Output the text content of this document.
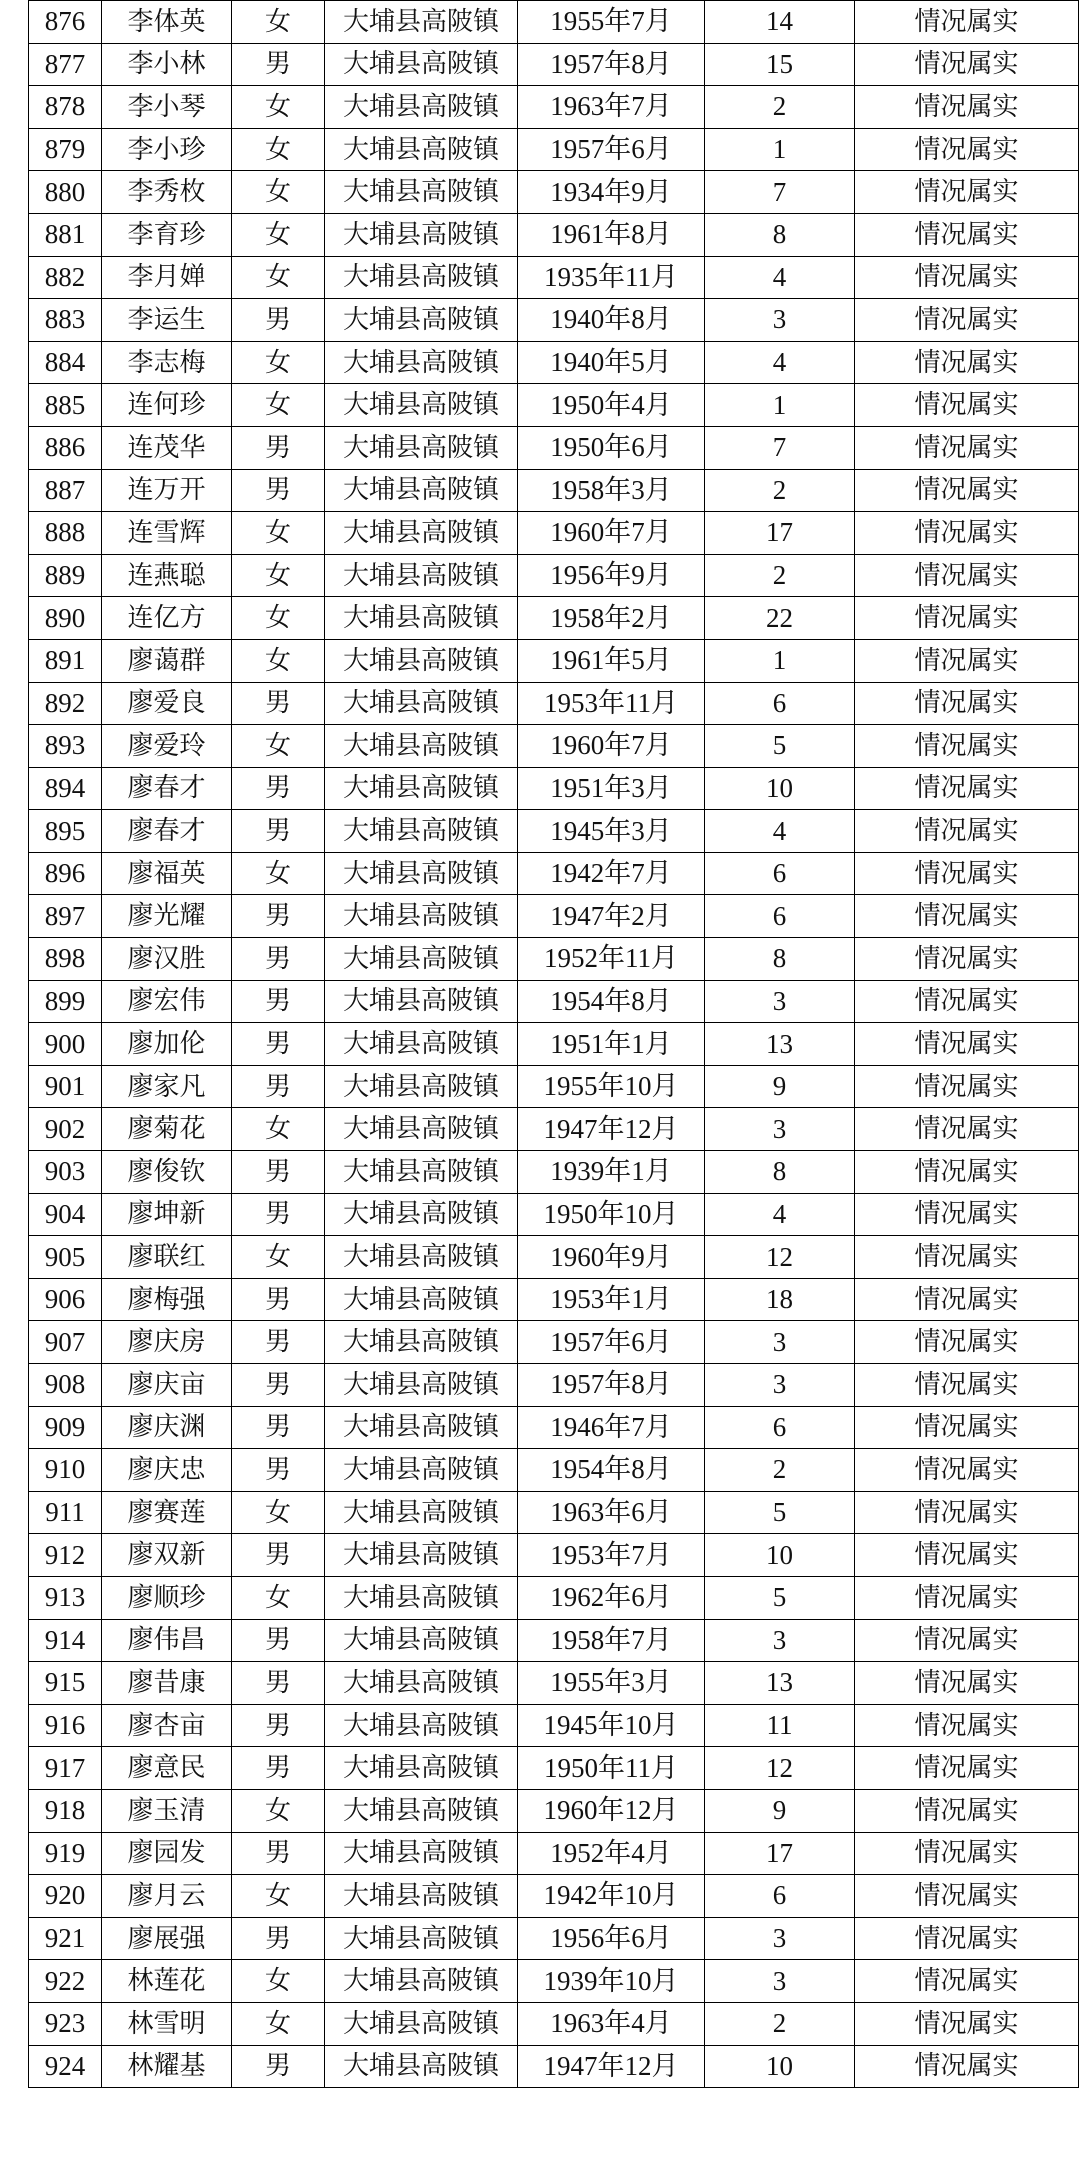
876	李体英	女	大埔县高陂镇	1955年7月	14	情况属实
877	李小林	男	大埔县高陂镇	1957年8月	15	情况属实
878	李小琴	女	大埔县高陂镇	1963年7月	2	情况属实
879	李小珍	女	大埔县高陂镇	1957年6月	1	情况属实
880	李秀枚	女	大埔县高陂镇	1934年9月	7	情况属实
881	李育珍	女	大埔县高陂镇	1961年8月	8	情况属实
882	李月婵	女	大埔县高陂镇	1935年11月	4	情况属实
883	李运生	男	大埔县高陂镇	1940年8月	3	情况属实
884	李志梅	女	大埔县高陂镇	1940年5月	4	情况属实
885	连何珍	女	大埔县高陂镇	1950年4月	1	情况属实
886	连茂华	男	大埔县高陂镇	1950年6月	7	情况属实
887	连万开	男	大埔县高陂镇	1958年3月	2	情况属实
888	连雪辉	女	大埔县高陂镇	1960年7月	17	情况属实
889	连燕聪	女	大埔县高陂镇	1956年9月	2	情况属实
890	连亿方	女	大埔县高陂镇	1958年2月	22	情况属实
891	廖蔼群	女	大埔县高陂镇	1961年5月	1	情况属实
892	廖爱良	男	大埔县高陂镇	1953年11月	6	情况属实
893	廖爱玲	女	大埔县高陂镇	1960年7月	5	情况属实
894	廖春才	男	大埔县高陂镇	1951年3月	10	情况属实
895	廖春才	男	大埔县高陂镇	1945年3月	4	情况属实
896	廖福英	女	大埔县高陂镇	1942年7月	6	情况属实
897	廖光耀	男	大埔县高陂镇	1947年2月	6	情况属实
898	廖汉胜	男	大埔县高陂镇	1952年11月	8	情况属实
899	廖宏伟	男	大埔县高陂镇	1954年8月	3	情况属实
900	廖加伦	男	大埔县高陂镇	1951年1月	13	情况属实
901	廖家凡	男	大埔县高陂镇	1955年10月	9	情况属实
902	廖菊花	女	大埔县高陂镇	1947年12月	3	情况属实
903	廖俊钦	男	大埔县高陂镇	1939年1月	8	情况属实
904	廖坤新	男	大埔县高陂镇	1950年10月	4	情况属实
905	廖联红	女	大埔县高陂镇	1960年9月	12	情况属实
906	廖梅强	男	大埔县高陂镇	1953年1月	18	情况属实
907	廖庆房	男	大埔县高陂镇	1957年6月	3	情况属实
908	廖庆亩	男	大埔县高陂镇	1957年8月	3	情况属实
909	廖庆渊	男	大埔县高陂镇	1946年7月	6	情况属实
910	廖庆忠	男	大埔县高陂镇	1954年8月	2	情况属实
911	廖赛莲	女	大埔县高陂镇	1963年6月	5	情况属实
912	廖双新	男	大埔县高陂镇	1953年7月	10	情况属实
913	廖顺珍	女	大埔县高陂镇	1962年6月	5	情况属实
914	廖伟昌	男	大埔县高陂镇	1958年7月	3	情况属实
915	廖昔康	男	大埔县高陂镇	1955年3月	13	情况属实
916	廖杏亩	男	大埔县高陂镇	1945年10月	11	情况属实
917	廖意民	男	大埔县高陂镇	1950年11月	12	情况属实
918	廖玉清	女	大埔县高陂镇	1960年12月	9	情况属实
919	廖园发	男	大埔县高陂镇	1952年4月	17	情况属实
920	廖月云	女	大埔县高陂镇	1942年10月	6	情况属实
921	廖展强	男	大埔县高陂镇	1956年6月	3	情况属实
922	林莲花	女	大埔县高陂镇	1939年10月	3	情况属实
923	林雪明	女	大埔县高陂镇	1963年4月	2	情况属实
924	林耀基	男	大埔县高陂镇	1947年12月	10	情况属实
